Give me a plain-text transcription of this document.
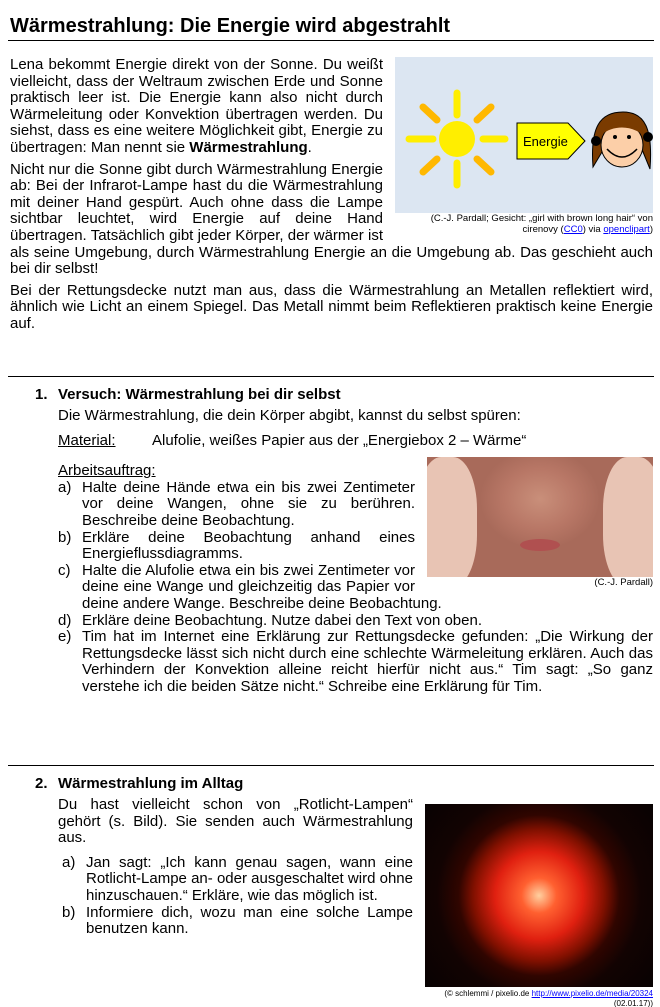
Wärmestrahlung: Die Energie wird abgestrahlt
Energie
(C.-J. Pardall; Gesicht: „girl with brown long hair“ von cirenovy (CC0) via openclipart)

Lena bekommt Energie direkt von der Sonne. Du weißt vielleicht, dass der Weltraum zwischen Erde und Sonne praktisch leer ist. Die Energie kann also nicht durch Wärmeleitung oder Konvektion übertragen werden. Du siehst, dass es eine weitere Möglichkeit gibt, Energie zu übertragen: Man nennt sie Wärmestrahlung.

Nicht nur die Sonne gibt durch Wärmestrahlung Energie ab: Bei der Infrarot-Lampe hast du die Wärmestrahlung mit deiner Hand gespürt. Auch ohne dass die Lampe sichtbar leuchtet, wird Energie auf deine Hand übertragen. Tatsächlich gibt jeder Körper, der wärmer ist als seine Umgebung, durch Wärmestrahlung Energie an die Umgebung ab. Das geschieht auch bei dir selbst!

Bei der Rettungsdecke nutzt man aus, dass die Wärmestrahlung an Metallen reflektiert wird, ähnlich wie Licht an einem Spiegel. Das Metall nimmt beim Reflektieren praktisch keine Energie auf.

1. Versuch: Wärmestrahlung bei dir selbst

Die Wärmestrahlung, die dein Körper abgibt, kannst du selbst spüren:

Material: Alufolie, weißes Papier aus der „Energiebox 2 – Wärme“

(C.-J. Pardall)
Arbeitsauftrag:
a) Halte deine Hände etwa ein bis zwei Zentimeter vor deine Wangen, ohne sie zu berühren. Beschreibe deine Beobachtung.
b) Erkläre deine Beobachtung anhand eines Energieflussdiagramms.
c) Halte die Alufolie etwa ein bis zwei Zentimeter vor deine eine Wange und gleichzeitig das Papier vor deine andere Wange. Beschreibe deine Beobachtung.
d) Erkläre deine Beobachtung. Nutze dabei den Text von oben.
e) Tim hat im Internet eine Erklärung zur Rettungsdecke gefunden: „Die Wirkung der Rettungsdecke lässt sich nicht durch eine schlechte Wärmeleitung erklären. Auch das Verhindern der Konvektion alleine reicht hierfür nicht aus.“ Tim sagt: „So ganz verstehe ich die beiden Sätze nicht.“ Schreibe eine Erklärung für Tim.
2. Wärmestrahlung im Alltag
(© schlemmi / pixelio.de http://www.pixelio.de/media/20324
(02.01.17))

Du hast vielleicht schon von „Rotlicht-Lampen“ gehört (s. Bild). Sie senden auch Wärmestrahlung aus.

a) Jan sagt: „Ich kann genau sagen, wann eine Rotlicht-Lampe an- oder ausgeschaltet wird ohne hinzuschauen.“ Erkläre, wie das möglich ist.
b) Informiere dich, wozu man eine solche Lampe benutzen kann.
